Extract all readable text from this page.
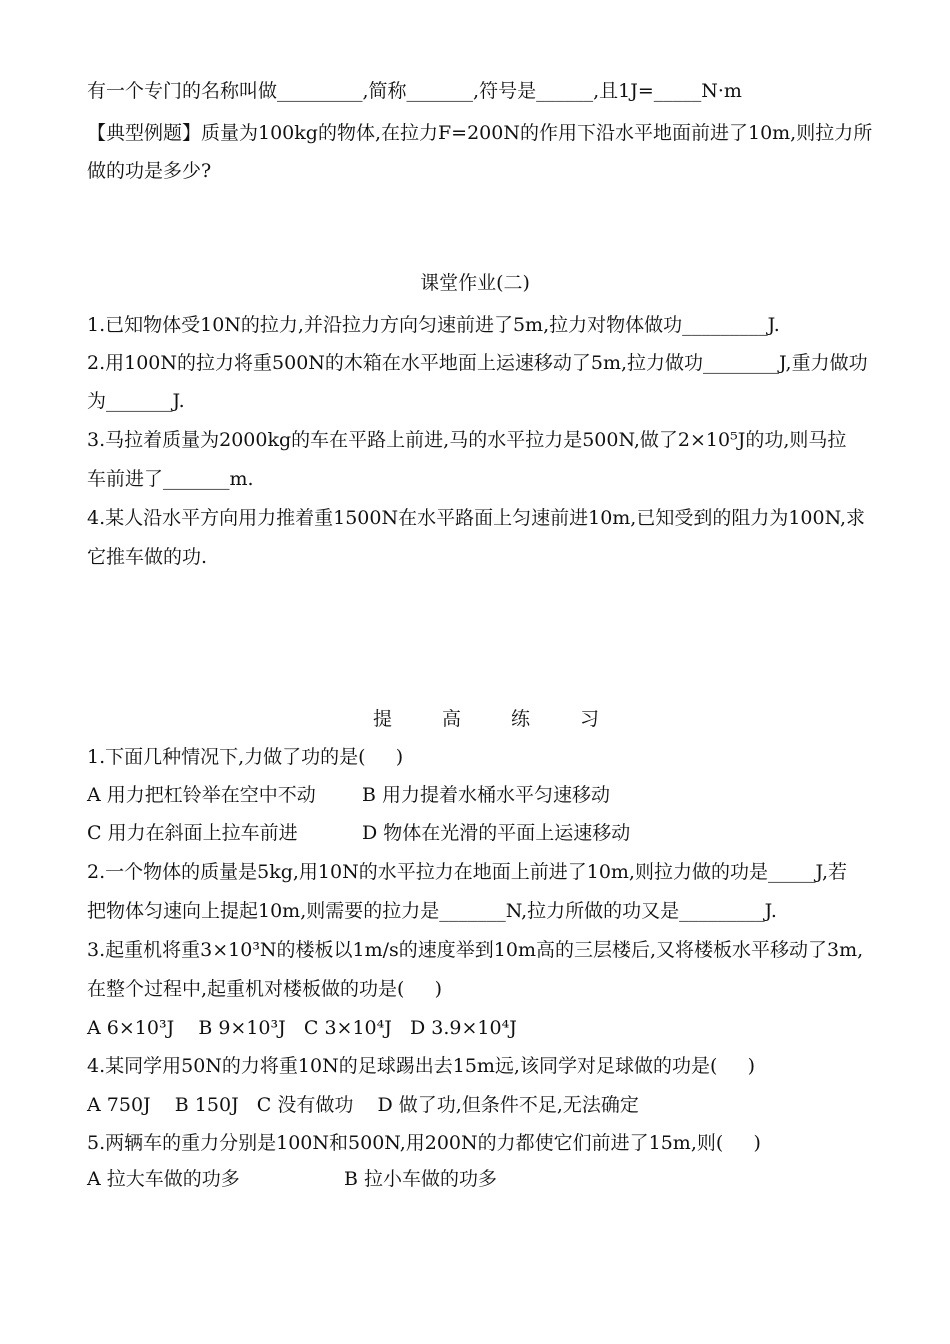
有一个专门的名称叫做_________,简称_______,符号是______,且1J=_____N·m
【典型例题】质量为100kg的物体,在拉力F=200N的作用下沿水平地面前进了10m,则拉力所
做的功是多少?
课堂作业(二)
1.已知物体受10N的拉力,并沿拉力方向匀速前进了5m,拉力对物体做功_________J.
2.用100N的拉力将重500N的木箱在水平地面上运速移动了5m,拉力做功________J,重力做功
为_______J.
3.马拉着质量为2000kg的车在平路上前进,马的水平拉力是500N,做了2×10⁵J的功,则马拉
车前进了_______m.
4.某人沿水平方向用力推着重1500N在水平路面上匀速前进10m,已知受到的阻力为100N,求
它推车做的功.
提 高 练 习
1.下面几种情况下,力做了功的是(     )
A 用力把杠铃举在空中不动 B 用力提着水桶水平匀速移动
C 用力在斜面上拉车前进	D 物体在光滑的平面上运速移动
2.一个物体的质量是5kg,用10N的水平拉力在地面上前进了10m,则拉力做的功是_____J,若
把物体匀速向上提起10m,则需要的拉力是_______N,拉力所做的功又是_________J.
3.起重机将重3×10³N的楼板以1m/s的速度举到10m高的三层楼后,又将楼板水平移动了3m,
在整个过程中,起重机对楼板做的功是(     )
A 6×10³J    B 9×10³J   C 3×10⁴J   D 3.9×10⁴J
4.某同学用50N的力将重10N的足球踢出去15m远,该同学对足球做的功是(     )
A 750J    B 150J   C 没有做功    D 做了功,但条件不足,无法确定
5.两辆车的重力分别是100N和500N,用200N的力都使它们前进了15m,则(     )
A 拉大车做的功多	B 拉小车做的功多
